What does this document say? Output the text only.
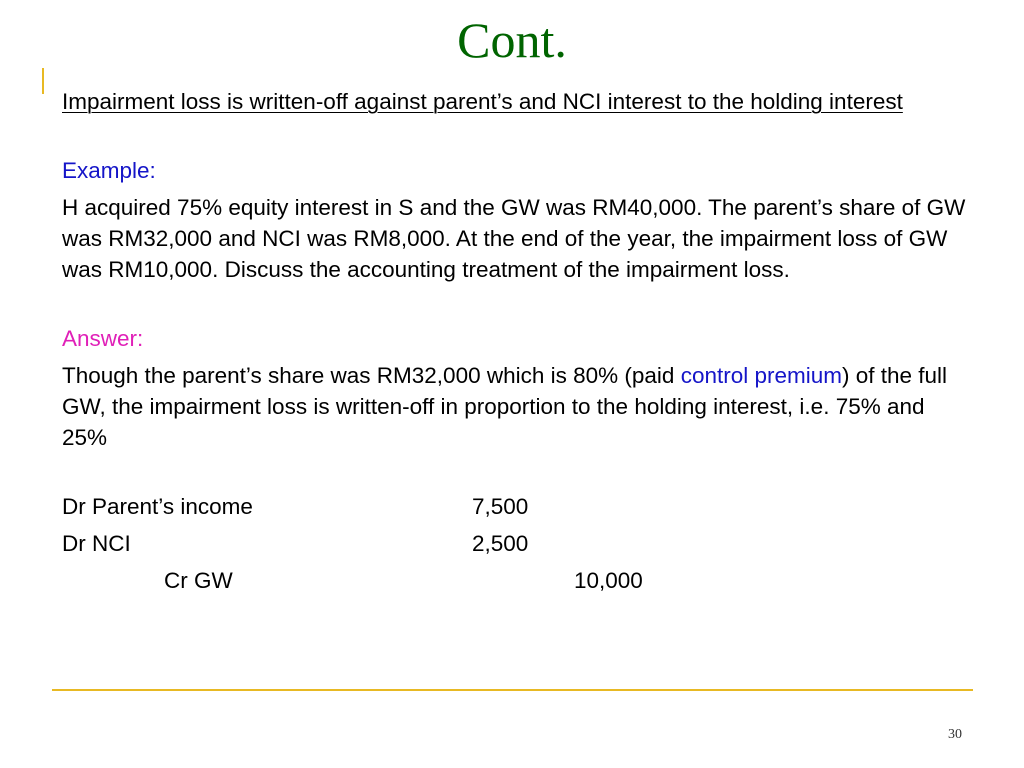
Cont.

Impairment loss is written-off against parent’s and NCI interest to the holding interest

Example:

H acquired 75% equity interest in S and the GW was RM40,000. The parent’s share of GW was RM32,000 and NCI was RM8,000. At the end of the year, the impairment loss of GW was RM10,000. Discuss the accounting treatment of the impairment loss.

Answer:

Though the parent’s share was RM32,000 which is 80% (paid control premium) of the full GW, the impairment loss is written-off in proportion to the holding interest, i.e. 75% and 25%

Dr Parent’s income	7,500
Dr NCI	2,500
Cr GW	10,000
30
